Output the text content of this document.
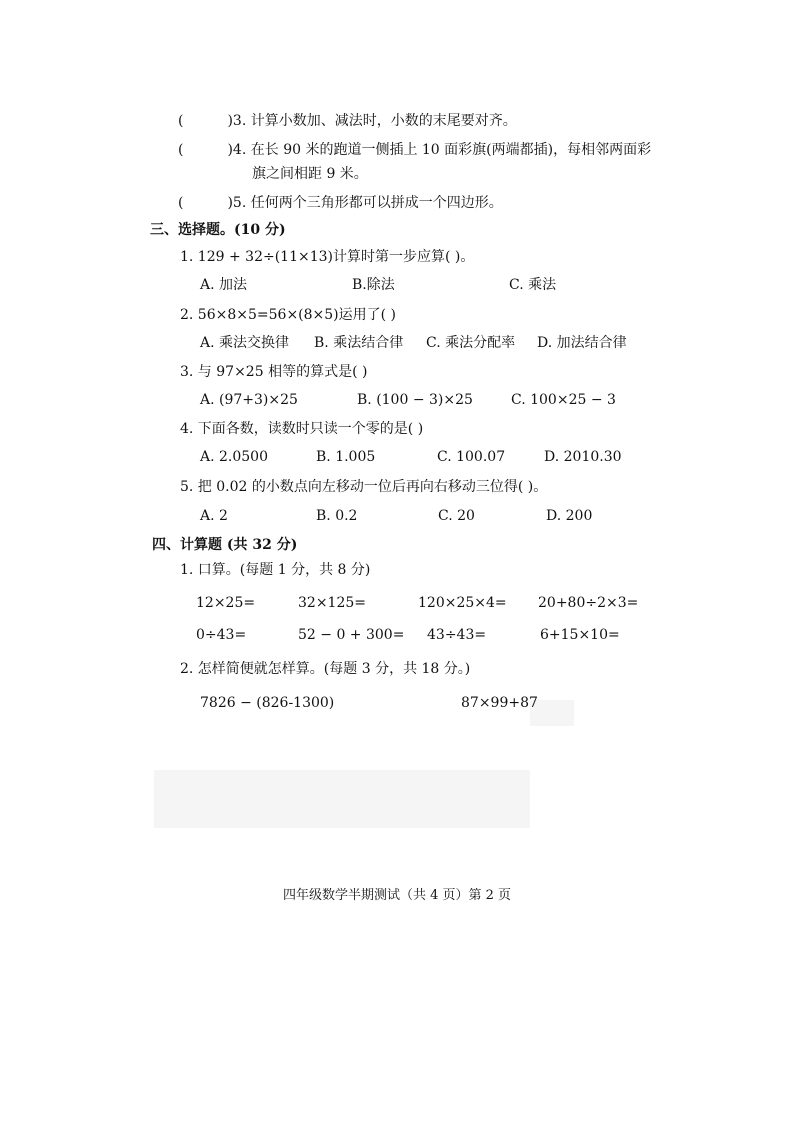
(	)3. 计算小数加、减法时，小数的末尾要对齐。
(	)4. 在长 90 米的跑道一侧插上 10 面彩旗(两端都插)，每相邻两面彩
旗之间相距 9 米。
(	)5. 任何两个三角形都可以拼成一个四边形。
三、选择题。(10 分)
1. 129 + 32÷(11×13)计算时第一步应算( )。
A. 加法	B.除法	C. 乘法
2. 56×8×5=56×(8×5)运用了( )
A. 乘法交换律 B. 乘法结合律 C. 乘法分配率 D. 加法结合律
3. 与 97×25 相等的算式是( )
A. (97+3)×25	B. (100 − 3)×25	C. 100×25 − 3
4. 下面各数，读数时只读一个零的是( )
A. 2.0500	B. 1.005	C. 100.07	D. 2010.30
5. 把 0.02 的小数点向左移动一位后再向右移动三位得( )。
A. 2	B. 0.2	C. 20	D. 200
四、计算题 (共 32 分)
1. 口算。(每题 1 分，共 8 分)
12×25=	32×125=	120×25×4= 20+80÷2×3=
0÷43=	52 − 0 + 300= 43÷43=	6+15×10=
2. 怎样简便就怎样算。(每题 3 分，共 18 分。)
7826 − (826-1300)	87×99+87
四年级数学半期测试（共 4 页）第 2 页
